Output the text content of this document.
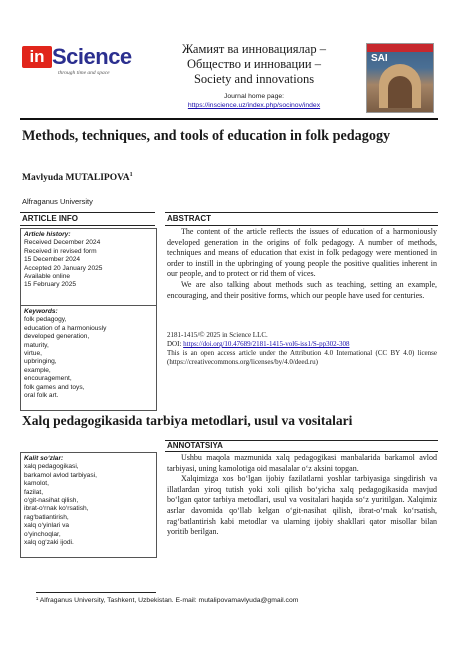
in Science
through time and space
Жамият ва инновациялар –
Общество и инновации –
Society and innovations
Journal home page:
https://inscience.uz/index.php/socinov/index
SAI
Methods, techniques, and tools of education in folk pedagogy
Mavlyuda MUTALIPOVA$^1$
Alfraganus University
ARTICLE INFO	ABSTRACT
Article history:
Received December 2024
Received in revised form
15 December 2024
Accepted 20 January 2025
Available online
15 February 2025
Keywords:
folk pedagogy,
education of a harmoniously
developed generation,
maturity,
virtue,
upbringing,
example,
encouragement,
folk games and toys,
oral folk art.

The content of the article reflects the issues of education of a harmoniously developed generation in the origins of folk pedagogy. A number of methods, techniques and means of education that exist in folk pedagogy were mentioned in order to instill in the upbringing of young people the positive qualities inherent in our people, and to protect or rid them of vices.

We are also talking about methods such as teaching, setting an example, encouraging, and their positive forms, which our people have used for centuries.

2181-1415/© 2025 in Science LLC.
DOI: https://doi.org/10.47689/2181-1415-vol6-iss1/S-pp302-308
This is an open access article under the Attribution 4.0 International (CC BY 4.0) license (https://creativecommons.org/licenses/by/4.0/deed.ru)
Xalq pedagogikasida tarbiya metodlari, usul va vositalari
ANNOTATSIYA
Kalit so‘zlar:
xalq pedagogikasi,
barkamol avlod tarbiyasi,
kamolot,
fazilat,
o‘git-nasihat qilish,
ibrat-o‘rnak ko‘rsatish,
rag‘batlantirish,
xalq o‘yinlari va
o‘yinchoqlar,
xalq og‘zaki ijodi.

Ushbu maqola mazmunida xalq pedagogikasi manbalarida barkamol avlod tarbiyasi, uning kamolotiga oid masalalar o‘z aksini topgan.

Xalqimizga xos bo‘lgan ijobiy fazilatlarni yoshlar tarbiyasiga singdirish va illatlardan yiroq tutish yoki xoli qilish bo‘yicha xalq pedagogikasida mavjud bo‘lgan qator tarbiya metodlari, usul va vositalari haqida so‘z yuritilgan. Xalqimiz asrlar davomida qo‘llab kelgan o‘git-nasihat qilish, ibrat-o‘rnak ko‘rsatish, rag‘batlantirish kabi metodlar va ularning ijobiy shakllari qator misollar bilan yoritib berilgan.

¹ Alfraganus University, Tashkent, Uzbekistan. E-mail: mutalipovamavlyuda@gmail.com
